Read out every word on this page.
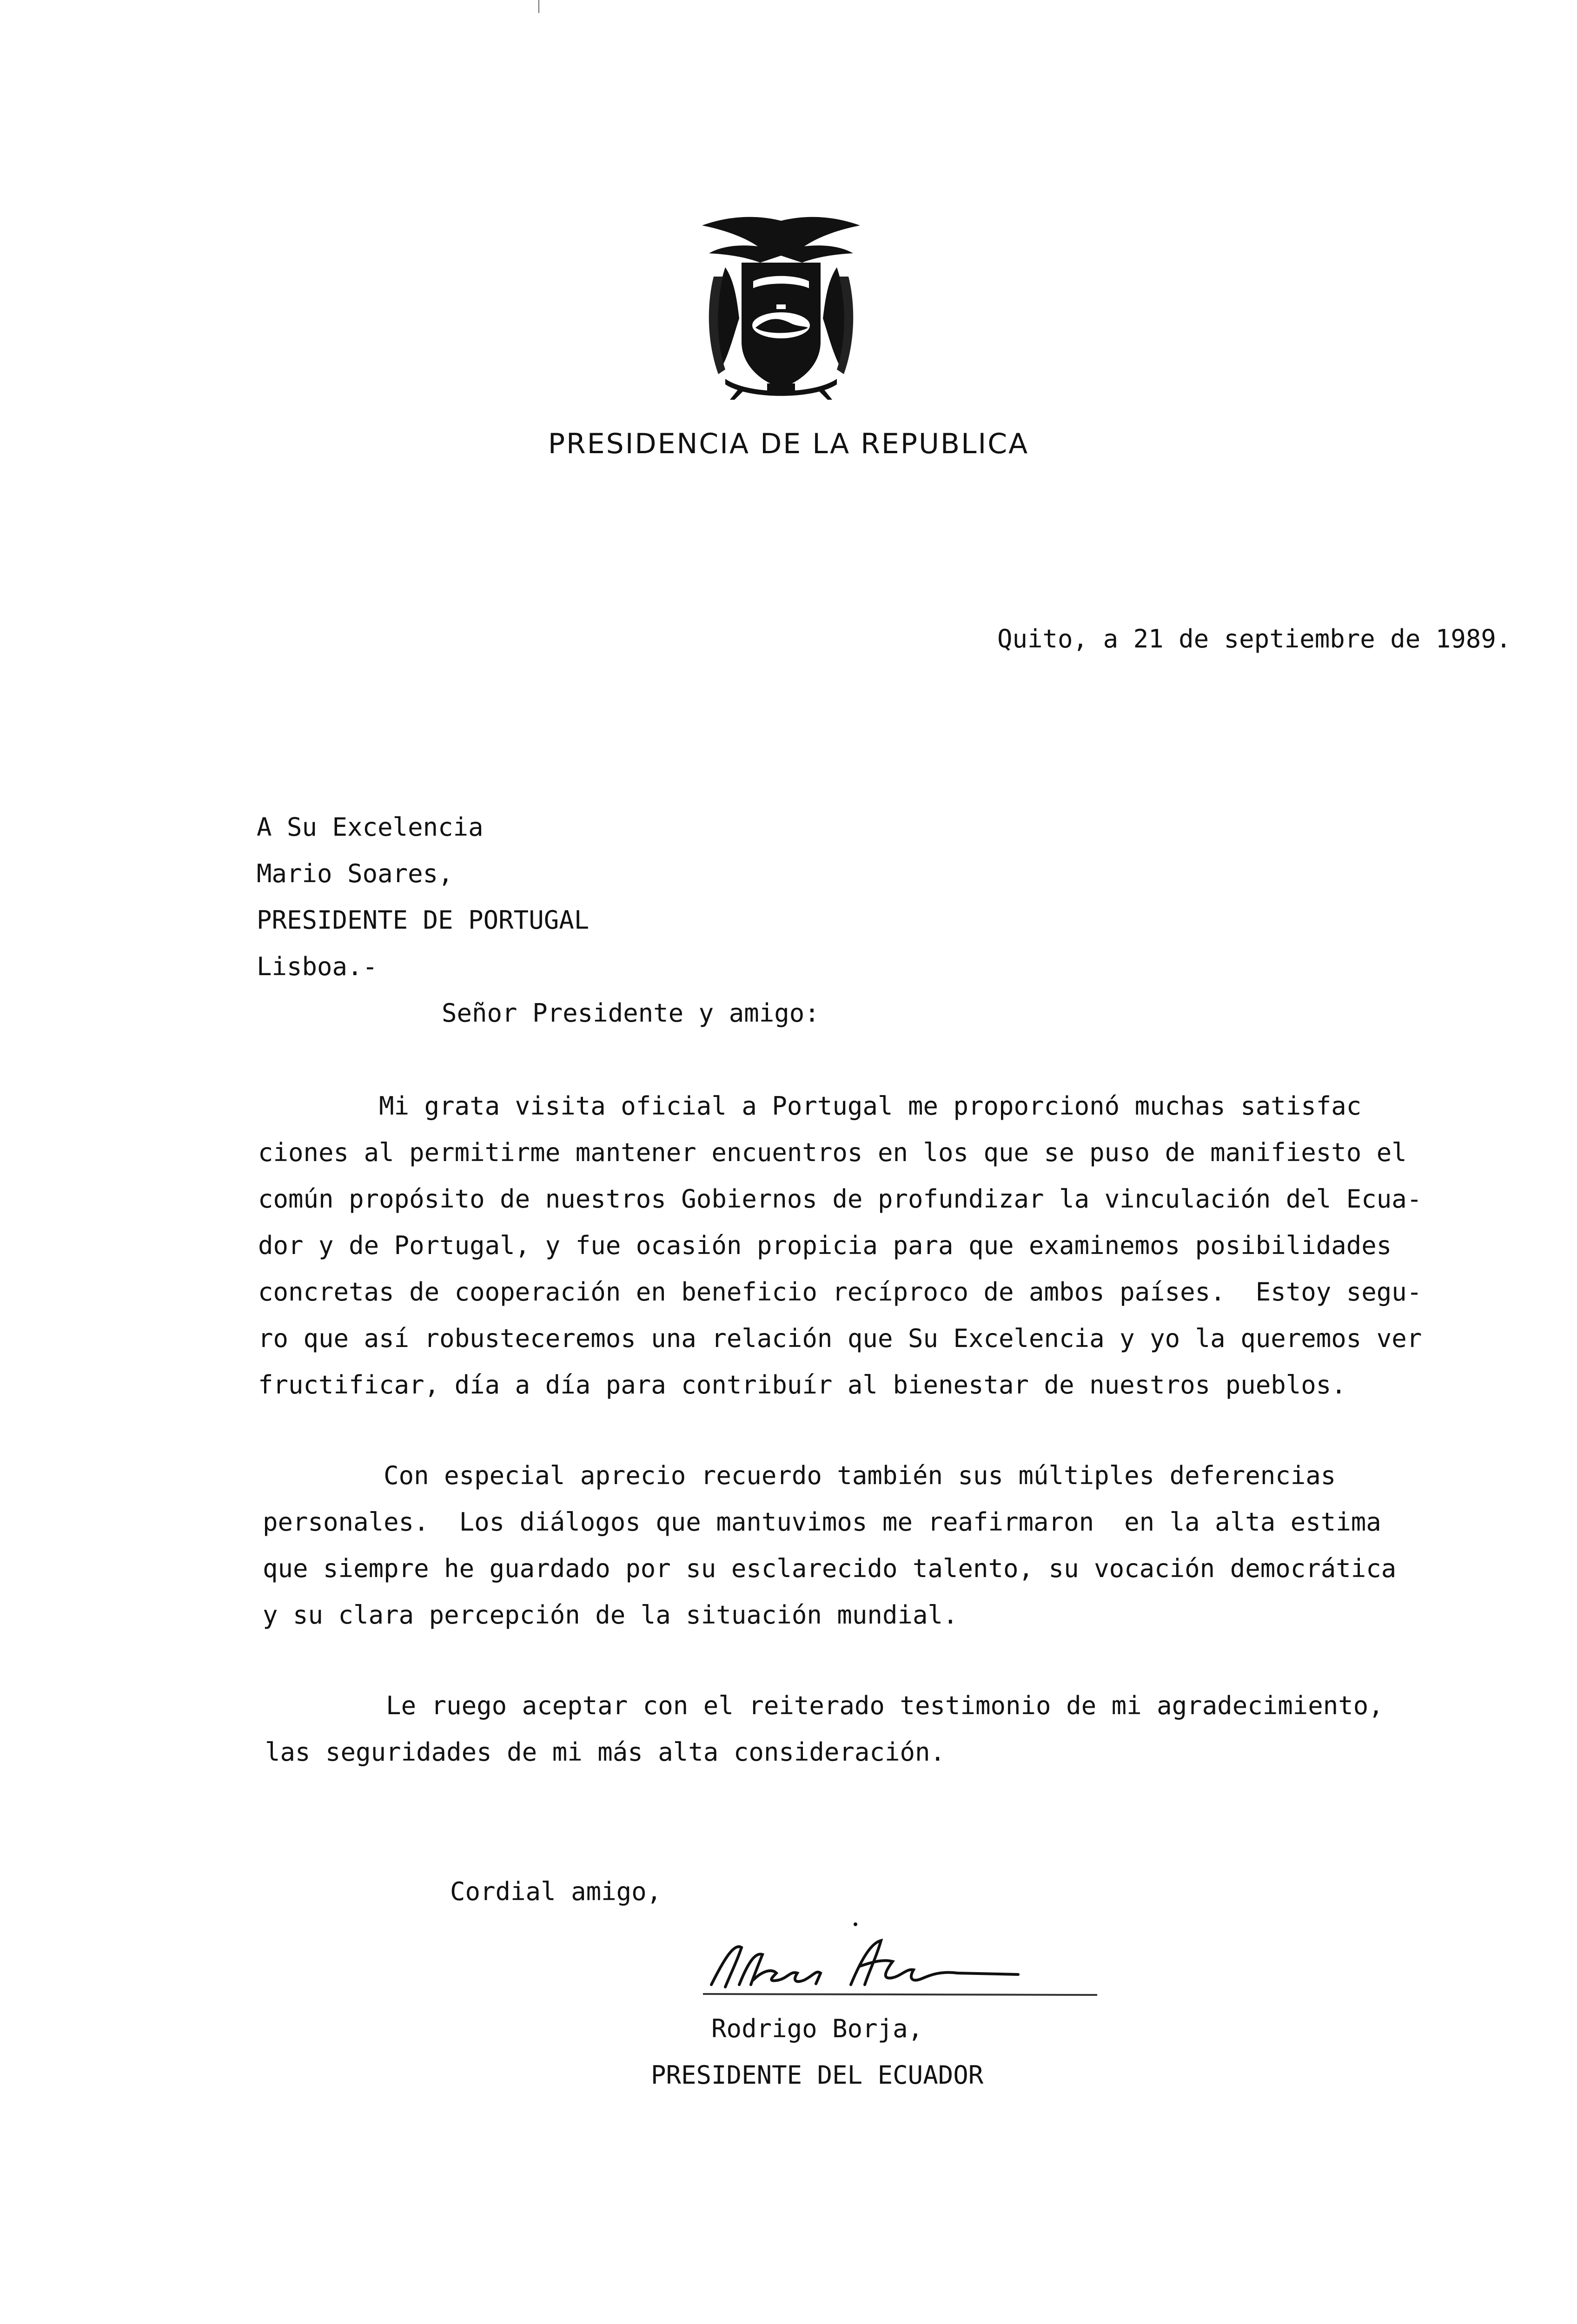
PRESIDENCIA DE LA REPUBLICA
Quito, a 21 de septiembre de 1989.
A Su Excelencia
Mario Soares,
PRESIDENTE DE PORTUGAL
Lisboa.-
Señor Presidente y amigo:
Mi grata visita oficial a Portugal me proporcionó muchas satisfac
ciones al permitirme mantener encuentros en los que se puso de manifiesto el
común propósito de nuestros Gobiernos de profundizar la vinculación del Ecua-
dor y de Portugal, y fue ocasión propicia para que examinemos posibilidades
concretas de cooperación en beneficio recíproco de ambos países.  Estoy segu-
ro que así robusteceremos una relación que Su Excelencia y yo la queremos ver
fructificar, día a día para contribuír al bienestar de nuestros pueblos.
Con especial aprecio recuerdo también sus múltiples deferencias
personales.  Los diálogos que mantuvimos me reafirmaron  en la alta estima
que siempre he guardado por su esclarecido talento, su vocación democrática
y su clara percepción de la situación mundial.
Le ruego aceptar con el reiterado testimonio de mi agradecimiento,
las seguridades de mi más alta consideración.
Cordial amigo,
Rodrigo Borja,
PRESIDENTE DEL ECUADOR
